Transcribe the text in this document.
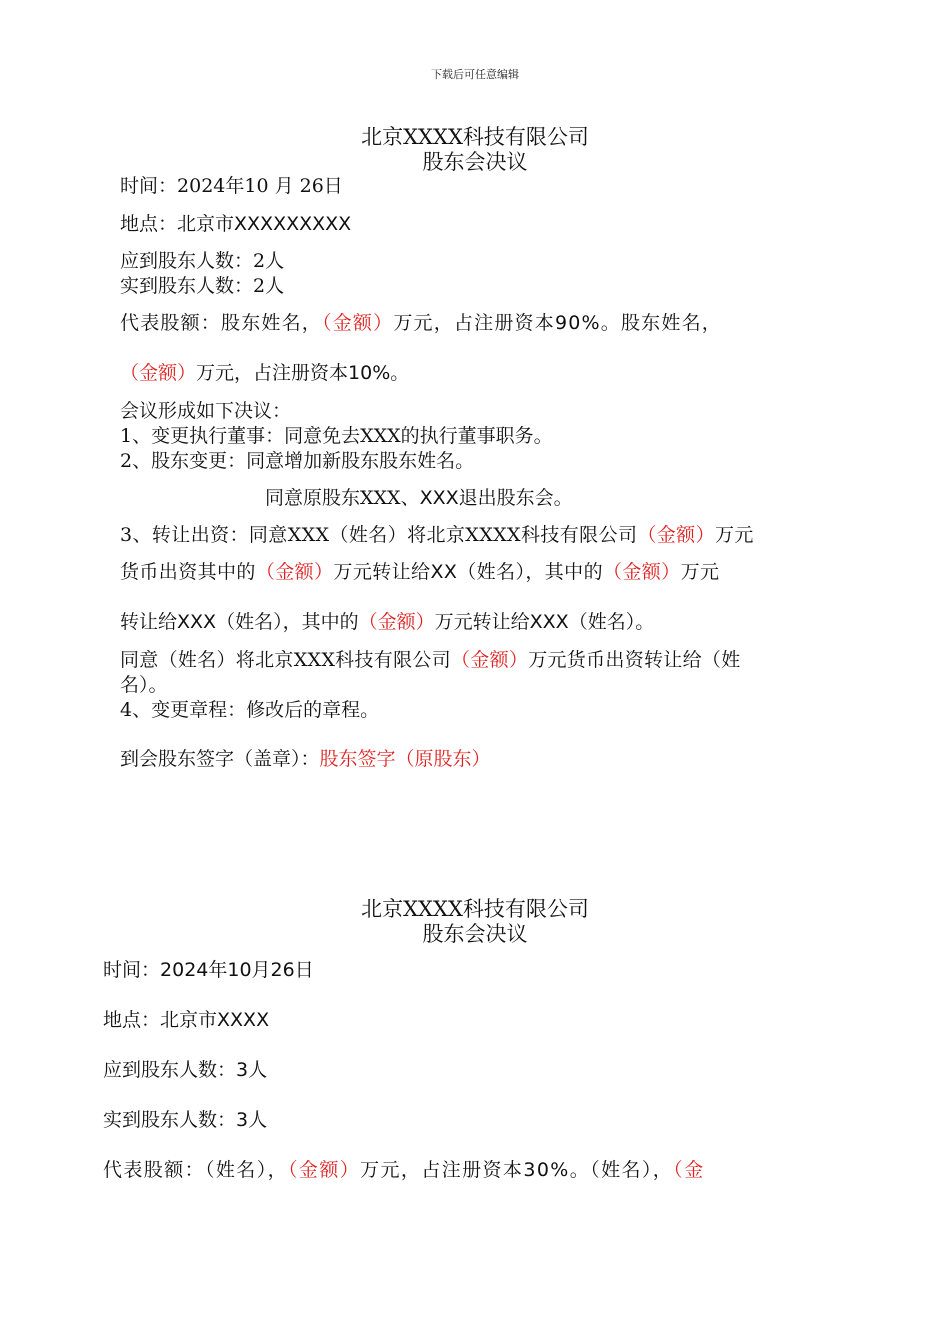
下载后可任意编辑
北京XXXX科技有限公司
股东会决议
时间：2024年10 月 26日
地点：北京市XXXXXXXXX
应到股东人数：2人
实到股东人数：2人
代表股额：股东姓名，（金额）万元，占注册资本90%。股东姓名，
（金额）万元，占注册资本10%。
会议形成如下决议：
1、变更执行董事：同意免去XXX的执行董事职务。
2、股东变更：同意增加新股东股东姓名。
同意原股东XXX、XXX退出股东会。
3、转让出资：同意XXX（姓名）将北京XXXX科技有限公司（金额）万元
货币出资其中的（金额）万元转让给XX（姓名），其中的（金额）万元
转让给XXX（姓名），其中的（金额）万元转让给XXX（姓名）。
同意（姓名）将北京XXX科技有限公司（金额）万元货币出资转让给（姓
名）。
4、变更章程：修改后的章程。
到会股东签字（盖章）：股东签字（原股东）
北京XXXX科技有限公司
股东会决议
时间：2024年10月26日
地点：北京市XXXX
应到股东人数：3人
实到股东人数：3人
代表股额：（姓名），（金额）万元，占注册资本30%。（姓名），（金
